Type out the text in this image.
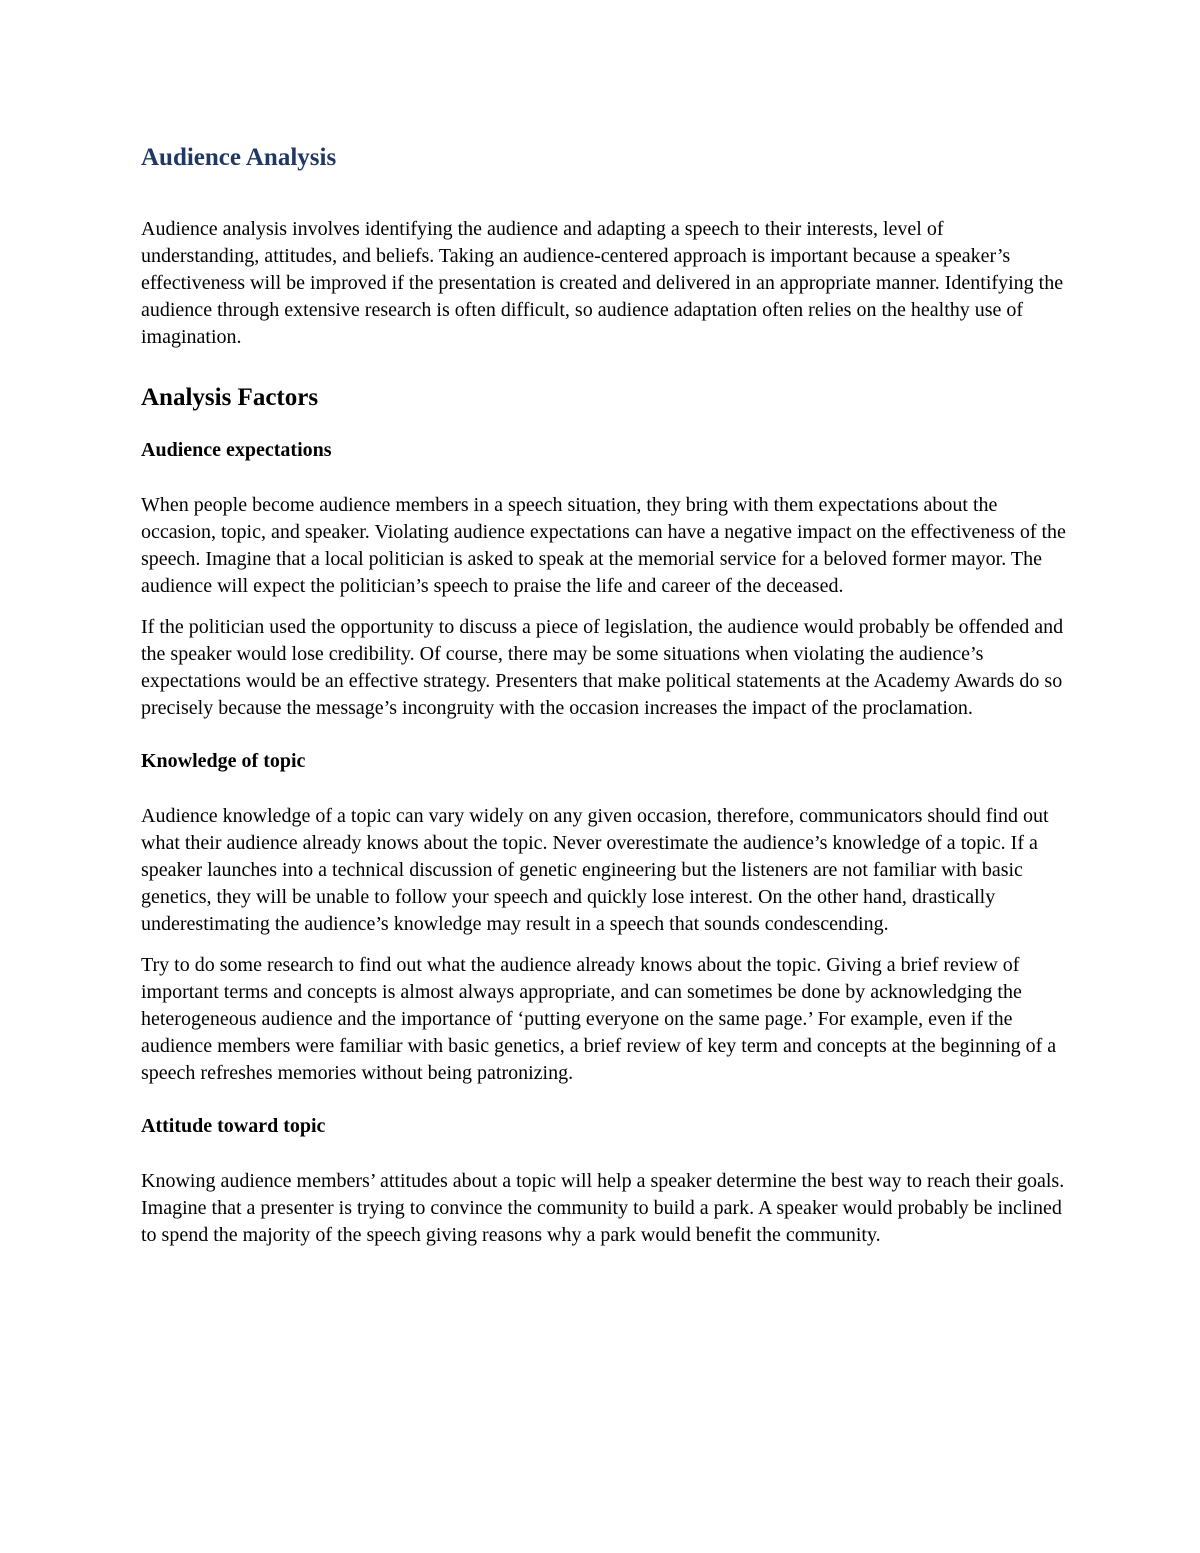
Audience Analysis

Audience analysis involves identifying the audience and adapting a speech to their interests, level of understanding, attitudes, and beliefs. Taking an audience-centered approach is important because a speaker’s effectiveness will be improved if the presentation is created and delivered in an appropriate manner. Identifying the audience through extensive research is often difficult, so audience adaptation often relies on the healthy use of imagination.

Analysis Factors
Audience expectations

When people become audience members in a speech situation, they bring with them expectations about the occasion, topic, and speaker. Violating audience expectations can have a negative impact on the effectiveness of the speech. Imagine that a local politician is asked to speak at the memorial service for a beloved former mayor. The audience will expect the politician’s speech to praise the life and career of the deceased.

If the politician used the opportunity to discuss a piece of legislation, the audience would probably be offended and the speaker would lose credibility. Of course, there may be some situations when violating the audience’s expectations would be an effective strategy. Presenters that make political statements at the Academy Awards do so precisely because the message’s incongruity with the occasion increases the impact of the proclamation.

Knowledge of topic

Audience knowledge of a topic can vary widely on any given occasion, therefore, communicators should find out what their audience already knows about the topic. Never overestimate the audience’s knowledge of a topic. If a speaker launches into a technical discussion of genetic engineering but the listeners are not familiar with basic genetics, they will be unable to follow your speech and quickly lose interest. On the other hand, drastically underestimating the audience’s knowledge may result in a speech that sounds condescending.

Try to do some research to find out what the audience already knows about the topic. Giving a brief review of important terms and concepts is almost always appropriate, and can sometimes be done by acknowledging the heterogeneous audience and the importance of ‘putting everyone on the same page.’ For example, even if the audience members were familiar with basic genetics, a brief review of key term and concepts at the beginning of a speech refreshes memories without being patronizing.

Attitude toward topic

Knowing audience members’ attitudes about a topic will help a speaker determine the best way to reach their goals. Imagine that a presenter is trying to convince the community to build a park. A speaker would probably be inclined to spend the majority of the speech giving reasons why a park would benefit the community.
